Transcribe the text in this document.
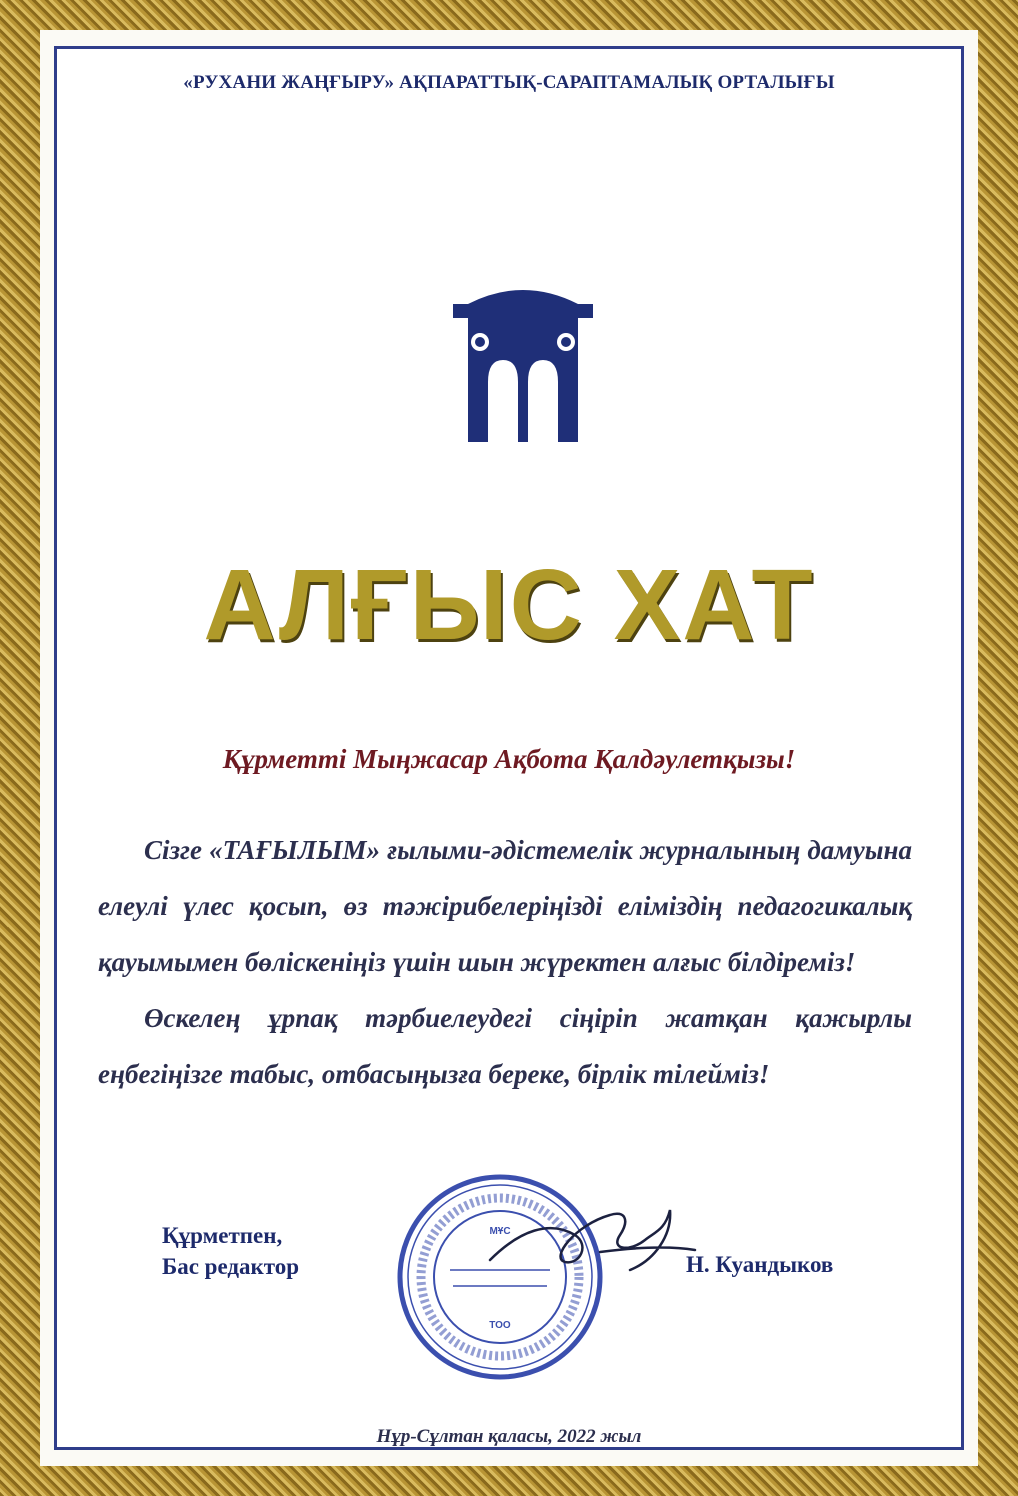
«РУХАНИ ЖАҢҒЫРУ» АҚПАРАТТЫҚ-САРАПТАМАЛЫҚ ОРТАЛЫҒЫ
АЛҒЫС ХАТ
Құрметті Мыңжасар Ақбота Қалдәулетқызы!

Сізге «ТАҒЫЛЫМ» ғылыми-әдістемелік журналының дамуына елеулі үлес қосып, өз тәжірибелеріңізді еліміздің педагогикалық қауымымен бөліскеніңіз үшін шын жүректен алғыс білдіреміз!

Өскелең ұрпақ тәрбиелеудегі сіңіріп жатқан қажырлы еңбегіңізге табыс, отбасыңызға береке, бірлік тілейміз!

Құрметпен,
Бас редактор
МҰС
ТОО
Н. Куандыков
Нұр-Сұлтан қаласы, 2022 жыл
